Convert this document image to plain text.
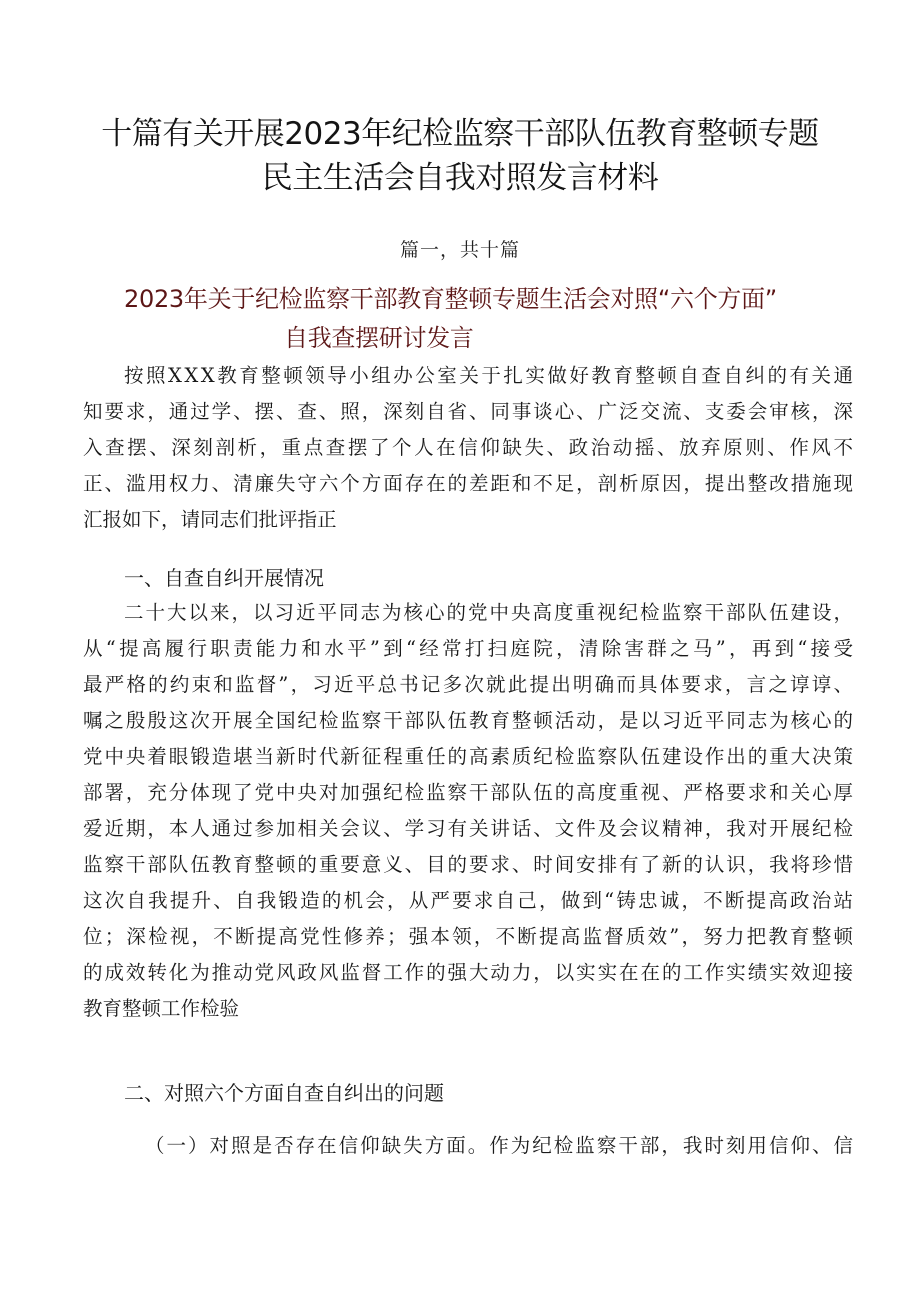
十篇有关开展2023年纪检监察干部队伍教育整顿专题
民主生活会自我对照发言材料
篇一，共十篇
2023年关于纪检监察干部教育整顿专题生活会对照“六个方面”
自我查摆研讨发言
按照XXX教育整顿领导小组办公室关于扎实做好教育整顿自查自纠的有关通
知要求，通过学、摆、查、照，深刻自省、同事谈心、广泛交流、支委会审核，深
入查摆、深刻剖析，重点查摆了个人在信仰缺失、政治动摇、放弃原则、作风不
正、滥用权力、清廉失守六个方面存在的差距和不足，剖析原因，提出整改措施现
汇报如下，请同志们批评指正
一、自查自纠开展情况
二十大以来，以习近平同志为核心的党中央高度重视纪检监察干部队伍建设，
从“提高履行职责能力和水平”到“经常打扫庭院，清除害群之马”，再到“接受
最严格的约束和监督”，习近平总书记多次就此提出明确而具体要求，言之谆谆、
嘱之殷殷这次开展全国纪检监察干部队伍教育整顿活动，是以习近平同志为核心的
党中央着眼锻造堪当新时代新征程重任的高素质纪检监察队伍建设作出的重大决策
部署，充分体现了党中央对加强纪检监察干部队伍的高度重视、严格要求和关心厚
爱近期，本人通过参加相关会议、学习有关讲话、文件及会议精神，我对开展纪检
监察干部队伍教育整顿的重要意义、目的要求、时间安排有了新的认识，我将珍惜
这次自我提升、自我锻造的机会，从严要求自己，做到“铸忠诚，不断提高政治站
位；深检视，不断提高党性修养；强本领，不断提高监督质效”，努力把教育整顿
的成效转化为推动党风政风监督工作的强大动力，以实实在在的工作实绩实效迎接
教育整顿工作检验
二、对照六个方面自查自纠出的问题
（一）对照是否存在信仰缺失方面。作为纪检监察干部，我时刻用信仰、信
